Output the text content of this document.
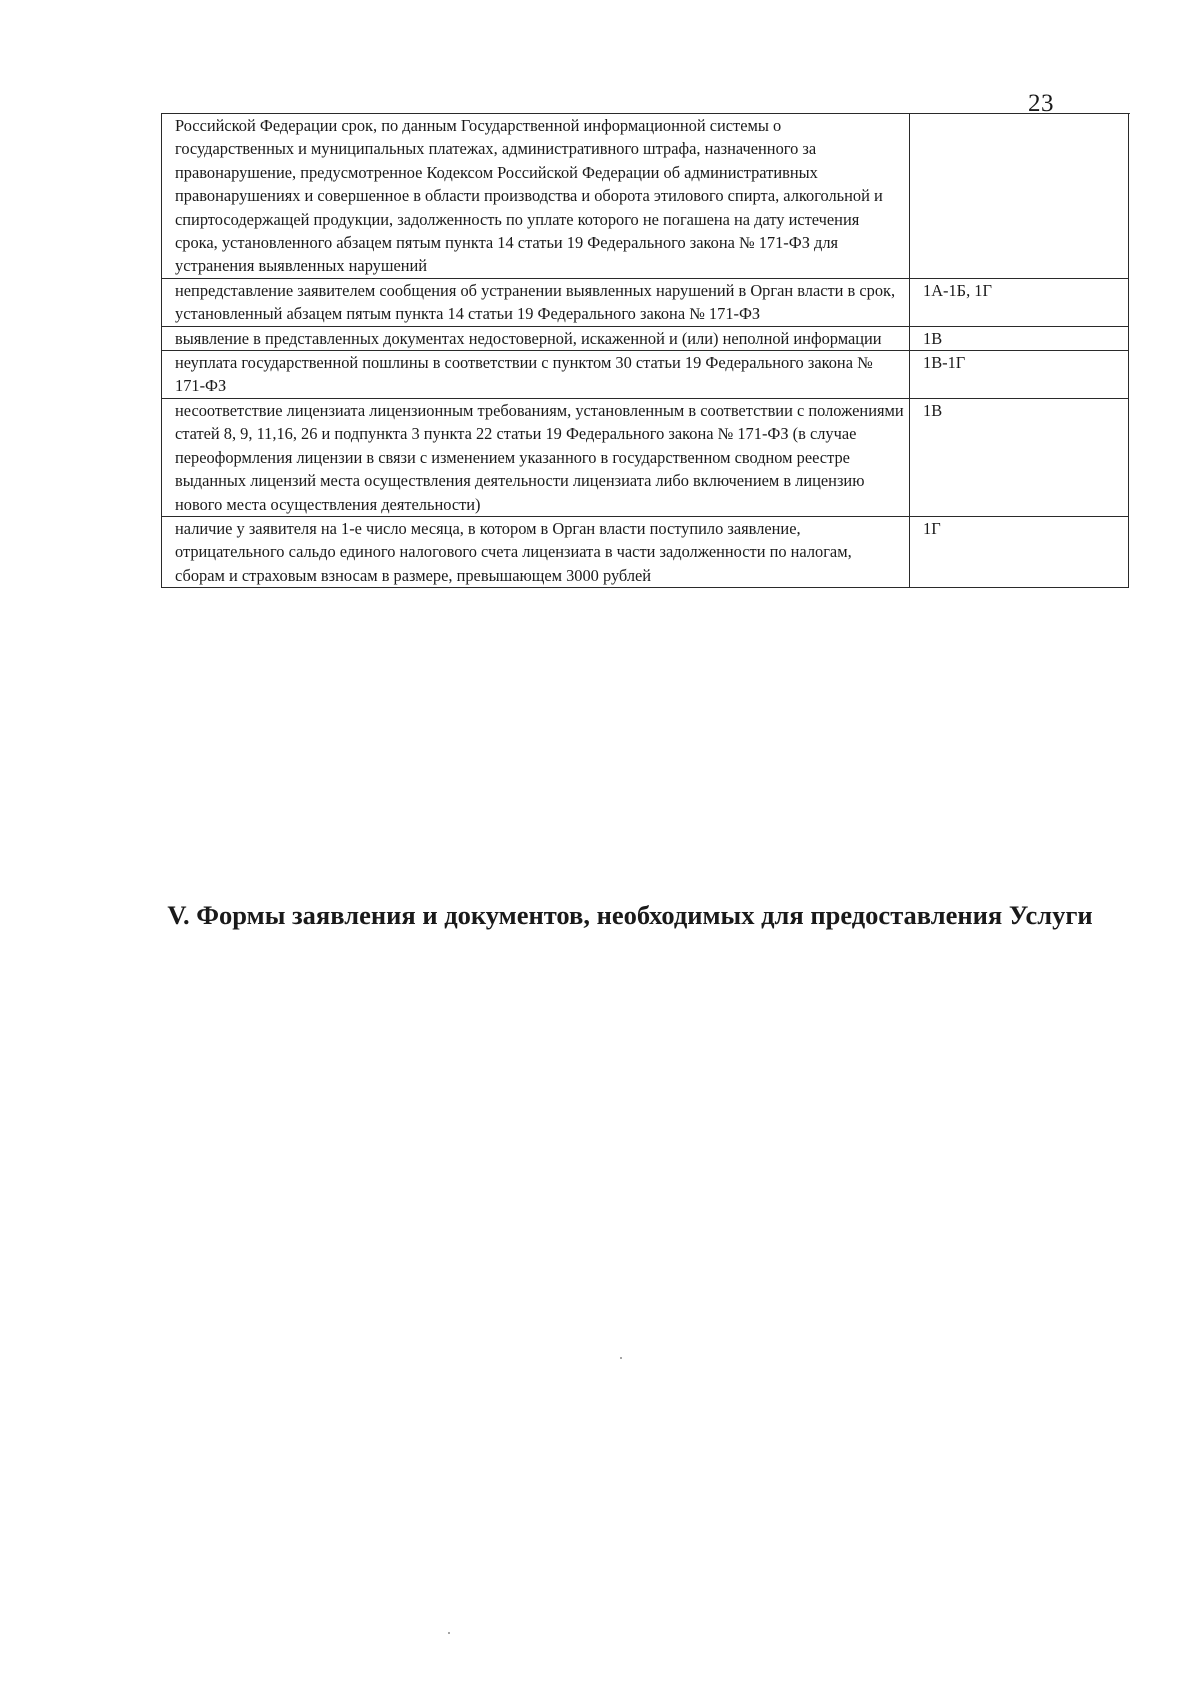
23
Российской Федерации срок, по данным Государственной информационной системы о государственных и муниципальных платежах, административного штрафа, назначенного за правонарушение, предусмотренное Кодексом Российской Федерации об административных правонарушениях и совершенное в области производства и оборота этилового спирта, алкогольной и спиртосодержащей продукции, задолженность по уплате которого не погашена на дату истечения срока, установленного абзацем пятым пункта 14 статьи 19 Федерального закона № 171-ФЗ для устранения выявленных нарушений	
непредставление заявителем сообщения об устранении выявленных нарушений в Орган власти в срок, установленный абзацем пятым пункта 14 статьи 19 Федерального закона № 171-ФЗ	1А-1Б, 1Г
выявление в представленных документах недостоверной, искаженной и (или) неполной информации	1В
неуплата государственной пошлины в соответствии с пунктом 30 статьи 19 Федерального закона № 171-ФЗ	1В-1Г
несоответствие лицензиата лицензионным требованиям, установленным в соответствии с положениями статей 8, 9, 11,16, 26 и подпункта 3 пункта 22 статьи 19 Федерального закона № 171-ФЗ (в случае переоформления лицензии в связи с изменением указанного в государственном сводном реестре выданных лицензий места осуществления деятельности лицензиата либо включением в лицензию нового места осуществления деятельности)	1В
наличие у заявителя на 1-е число месяца, в котором в Орган власти поступило заявление, отрицательного сальдо единого налогового счета лицензиата в части задолженности по налогам, сборам и страховым взносам в размере, превышающем 3000 рублей	1Г
V. Формы заявления и документов, необходимых для предоставления Услуги
